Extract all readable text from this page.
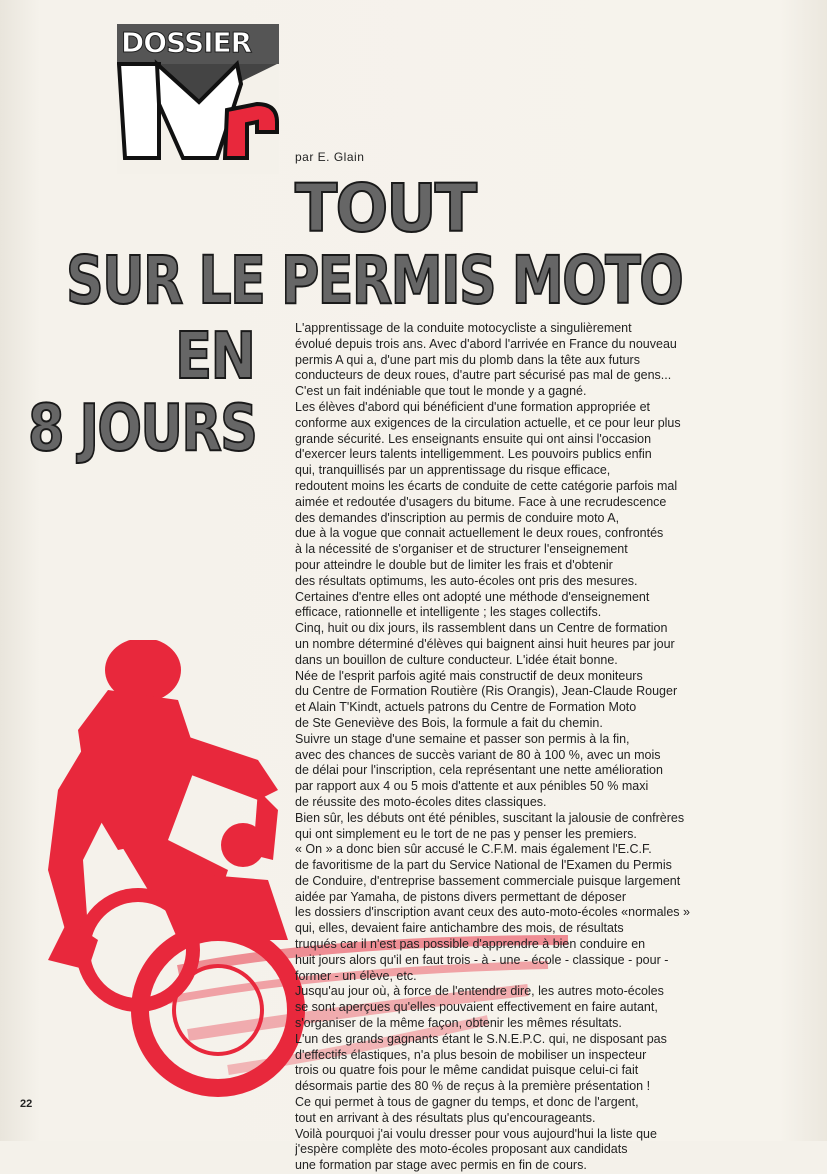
DOSSIER
par E. Glain
TOUT
SUR LE PERMIS MOTO
EN
8 JOURS
L'apprentissage de la conduite motocycliste a singulièrement
évolué depuis trois ans. Avec d'abord l'arrivée en France du nouveau
permis A qui a, d'une part mis du plomb dans la tête aux futurs
conducteurs de deux roues, d'autre part sécurisé pas mal de gens...
C'est un fait indéniable que tout le monde y a gagné.
Les élèves d'abord qui bénéficient d'une formation appropriée et
conforme aux exigences de la circulation actuelle, et ce pour leur plus
grande sécurité. Les enseignants ensuite qui ont ainsi l'occasion
d'exercer leurs talents intelligemment. Les pouvoirs publics enfin
qui, tranquillisés par un apprentissage du risque efficace,
redoutent moins les écarts de conduite de cette catégorie parfois mal
aimée et redoutée d'usagers du bitume. Face à une recrudescence
des demandes d'inscription au permis de conduire moto A,
due à la vogue que connait actuellement le deux roues, confrontés
à la nécessité de s'organiser et de structurer l'enseignement
pour atteindre le double but de limiter les frais et d'obtenir
des résultats optimums, les auto-écoles ont pris des mesures.
Certaines d'entre elles ont adopté une méthode d'enseignement
efficace, rationnelle et intelligente ; les stages collectifs.
Cinq, huit ou dix jours, ils rassemblent dans un Centre de formation
un nombre déterminé d'élèves qui baignent ainsi huit heures par jour
dans un bouillon de culture conducteur. L'idée était bonne.
Née de l'esprit parfois agité mais constructif de deux moniteurs
du Centre de Formation Routière (Ris Orangis), Jean-Claude Rouger
et Alain T'Kindt, actuels patrons du Centre de Formation Moto
de Ste Geneviève des Bois, la formule a fait du chemin.
Suivre un stage d'une semaine et passer son permis à la fin,
avec des chances de succès variant de 80 à 100 %, avec un mois
de délai pour l'inscription, cela représentant une nette amélioration
par rapport aux 4 ou 5 mois d'attente et aux pénibles 50 % maxi
de réussite des moto-écoles dites classiques.
Bien sûr, les débuts ont été pénibles, suscitant la jalousie de confrères
qui ont simplement eu le tort de ne pas y penser les premiers.
« On » a donc bien sûr accusé le C.F.M. mais également l'E.C.F.
de favoritisme de la part du Service National de l'Examen du Permis
de Conduire, d'entreprise bassement commerciale puisque largement
aidée par Yamaha, de pistons divers permettant de déposer
les dossiers d'inscription avant ceux des auto-moto-écoles «normales »
qui, elles, devaient faire antichambre des mois, de résultats
truqués car il n'est pas possible d'apprendre à bien conduire en
huit jours alors qu'il en faut trois - à - une - école - classique - pour -
former - un élève, etc.
Jusqu'au jour où, à force de l'entendre dire, les autres moto-écoles
se sont aperçues qu'elles pouvaient effectivement en faire autant,
s'organiser de la même façon, obtenir les mêmes résultats.
L'un des grands gagnants étant le S.N.E.P.C. qui, ne disposant pas
d'effectifs élastiques, n'a plus besoin de mobiliser un inspecteur
trois ou quatre fois pour le même candidat puisque celui-ci fait
désormais partie des 80 % de reçus à la première présentation !
Ce qui permet à tous de gagner du temps, et donc de l'argent,
tout en arrivant à des résultats plus qu'encourageants.
Voilà pourquoi j'ai voulu dresser pour vous aujourd'hui la liste que
j'espère complète des moto-écoles proposant aux candidats
une formation par stage avec permis en fin de cours.
22
